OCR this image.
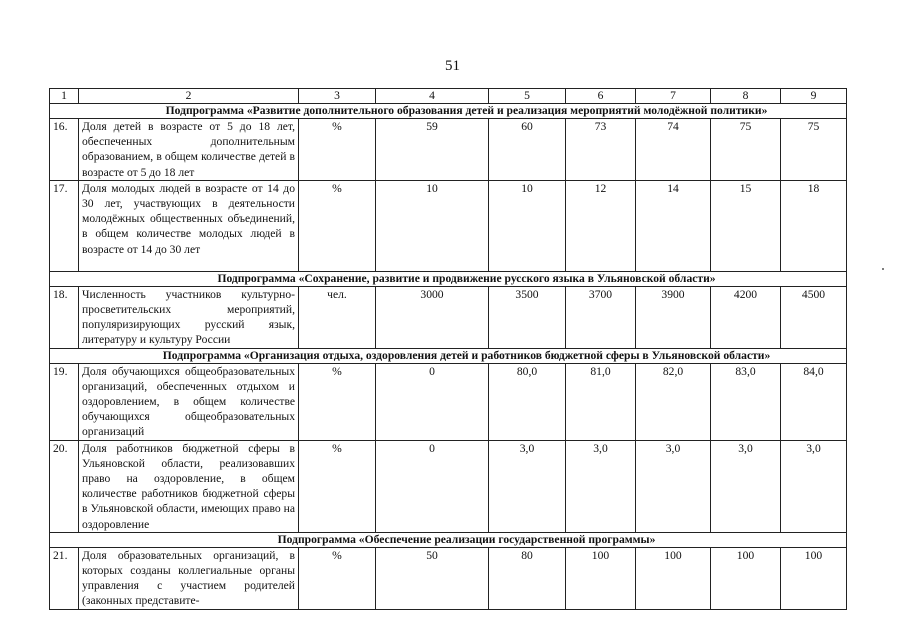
51
1	2	3	4	5	6	7	8	9
Подпрограмма «Развитие дополнительного образования детей и реализация мероприятий молодёжной политики»								
16.	Доля детей в возрасте от 5 до 18 лет, обеспеченных дополнительным образованием, в общем количестве детей в возрасте от 5 до 18 лет	%	59	60	73	74	75	75
17.	Доля молодых людей в возрасте от 14 до 30 лет, участвующих в деятельности молодёжных общественных объединений, в общем количестве молодых людей в возрасте от 14 до 30 лет	%	10	10	12	14	15	18
Подпрограмма «Сохранение, развитие и продвижение русского языка в Ульяновской области»								
18.	Численность участников культурно-просветительских мероприятий, популяризирующих русский язык, литературу и культуру России	чел.	3000	3500	3700	3900	4200	4500
Подпрограмма «Организация отдыха, оздоровления детей и работников бюджетной сферы в Ульяновской области»								
19.	Доля обучающихся общеобразовательных организаций, обеспеченных отдыхом и оздоровлением, в общем количестве обучающихся общеобразовательных организаций	%	0	80,0	81,0	82,0	83,0	84,0
20.	Доля работников бюджетной сферы в Ульяновской области, реализовавших право на оздоровление, в общем количестве работников бюджетной сферы в Ульяновской области, имеющих право на оздоровление	%	0	3,0	3,0	3,0	3,0	3,0
Подпрограмма «Обеспечение реализации государственной программы»								
21.	Доля образовательных организаций, в которых созданы коллегиальные органы управления с участием родителей (законных представите-	%	50	80	100	100	100	100
